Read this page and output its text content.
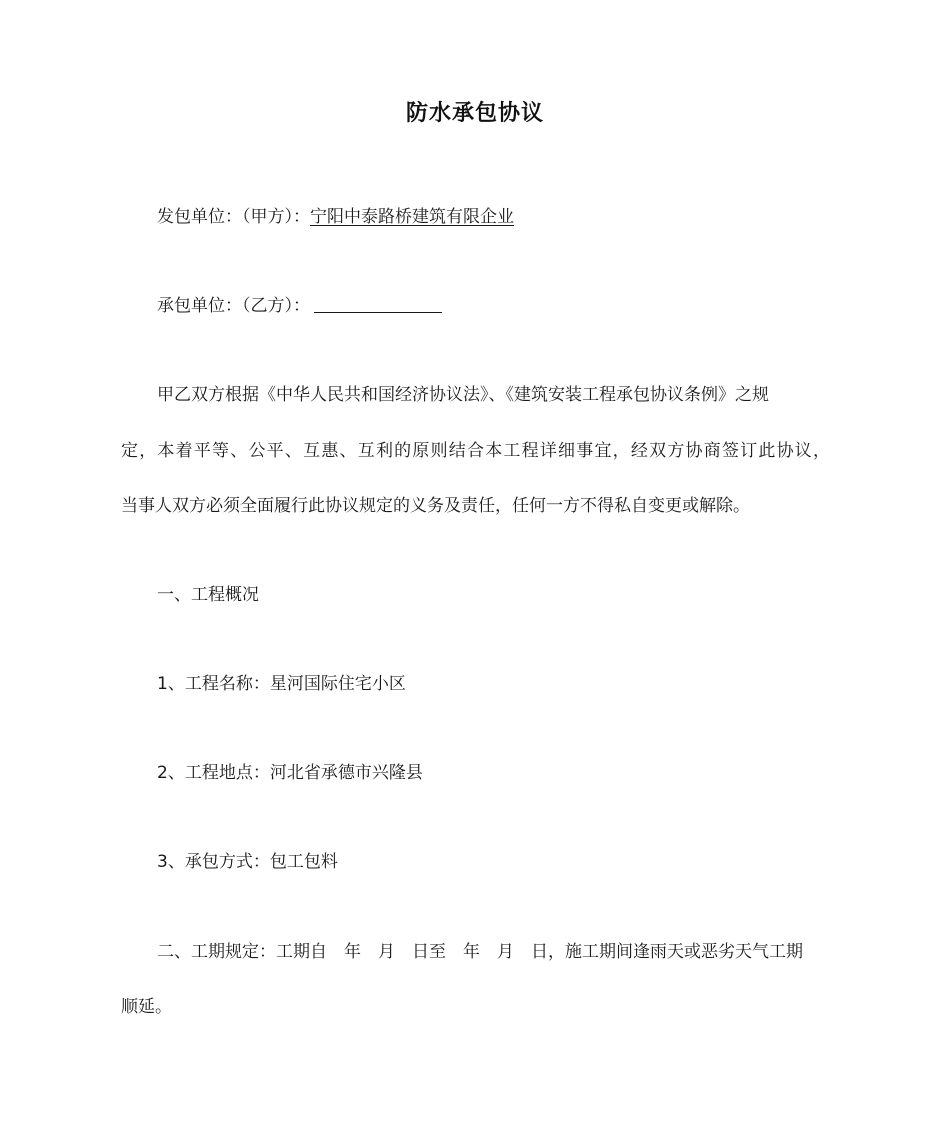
防水承包协议
发包单位：（甲方）：宁阳中泰路桥建筑有限企业
承包单位：（乙方）：
甲乙双方根据《中华人民共和国经济协议法》、《建筑安装工程承包协议条例》之规
定，本着平等、公平、互惠、互利的原则结合本工程详细事宜，经双方协商签订此协议，
当事人双方必须全面履行此协议规定的义务及责任，任何一方不得私自变更或解除。
一、工程概况
1、工程名称：星河国际住宅小区
2、工程地点：河北省承德市兴隆县
3、承包方式：包工包料
二、工期规定：工期自　年　月　日至　年　月　日，施工期间逢雨天或恶劣天气工期
顺延。
